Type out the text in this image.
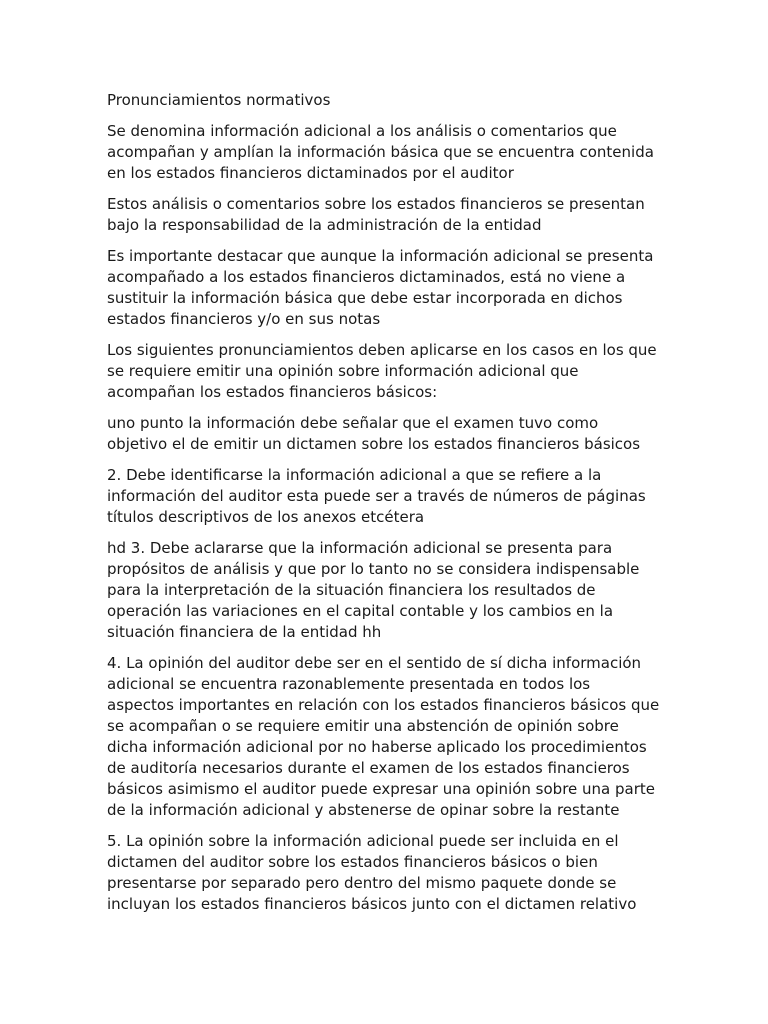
Pronunciamientos normativos

Se denomina información adicional a los análisis o comentarios que
acompañan y amplían la información básica que se encuentra contenida
en los estados financieros dictaminados por el auditor

Estos análisis o comentarios sobre los estados financieros se presentan
bajo la responsabilidad de la administración de la entidad

Es importante destacar que aunque la información adicional se presenta
acompañado a los estados financieros dictaminados, está no viene a
sustituir la información básica que debe estar incorporada en dichos
estados financieros y/o en sus notas

Los siguientes pronunciamientos deben aplicarse en los casos en los que
se requiere emitir una opinión sobre información adicional que
acompañan los estados financieros básicos:

uno punto la información debe señalar que el examen tuvo como
objetivo el de emitir un dictamen sobre los estados financieros básicos

2. Debe identificarse la información adicional a que se refiere a la
información del auditor esta puede ser a través de números de páginas
títulos descriptivos de los anexos etcétera

hd 3. Debe aclararse que la información adicional se presenta para
propósitos de análisis y que por lo tanto no se considera indispensable
para la interpretación de la situación financiera los resultados de
operación las variaciones en el capital contable y los cambios en la
situación financiera de la entidad hh

4. La opinión del auditor debe ser en el sentido de sí dicha información
adicional se encuentra razonablemente presentada en todos los
aspectos importantes en relación con los estados financieros básicos que
se acompañan o se requiere emitir una abstención de opinión sobre
dicha información adicional por no haberse aplicado los procedimientos
de auditoría necesarios durante el examen de los estados financieros
básicos asimismo el auditor puede expresar una opinión sobre una parte
de la información adicional y abstenerse de opinar sobre la restante

5. La opinión sobre la información adicional puede ser incluida en el
dictamen del auditor sobre los estados financieros básicos o bien
presentarse por separado pero dentro del mismo paquete donde se
incluyan los estados financieros básicos junto con el dictamen relativo
